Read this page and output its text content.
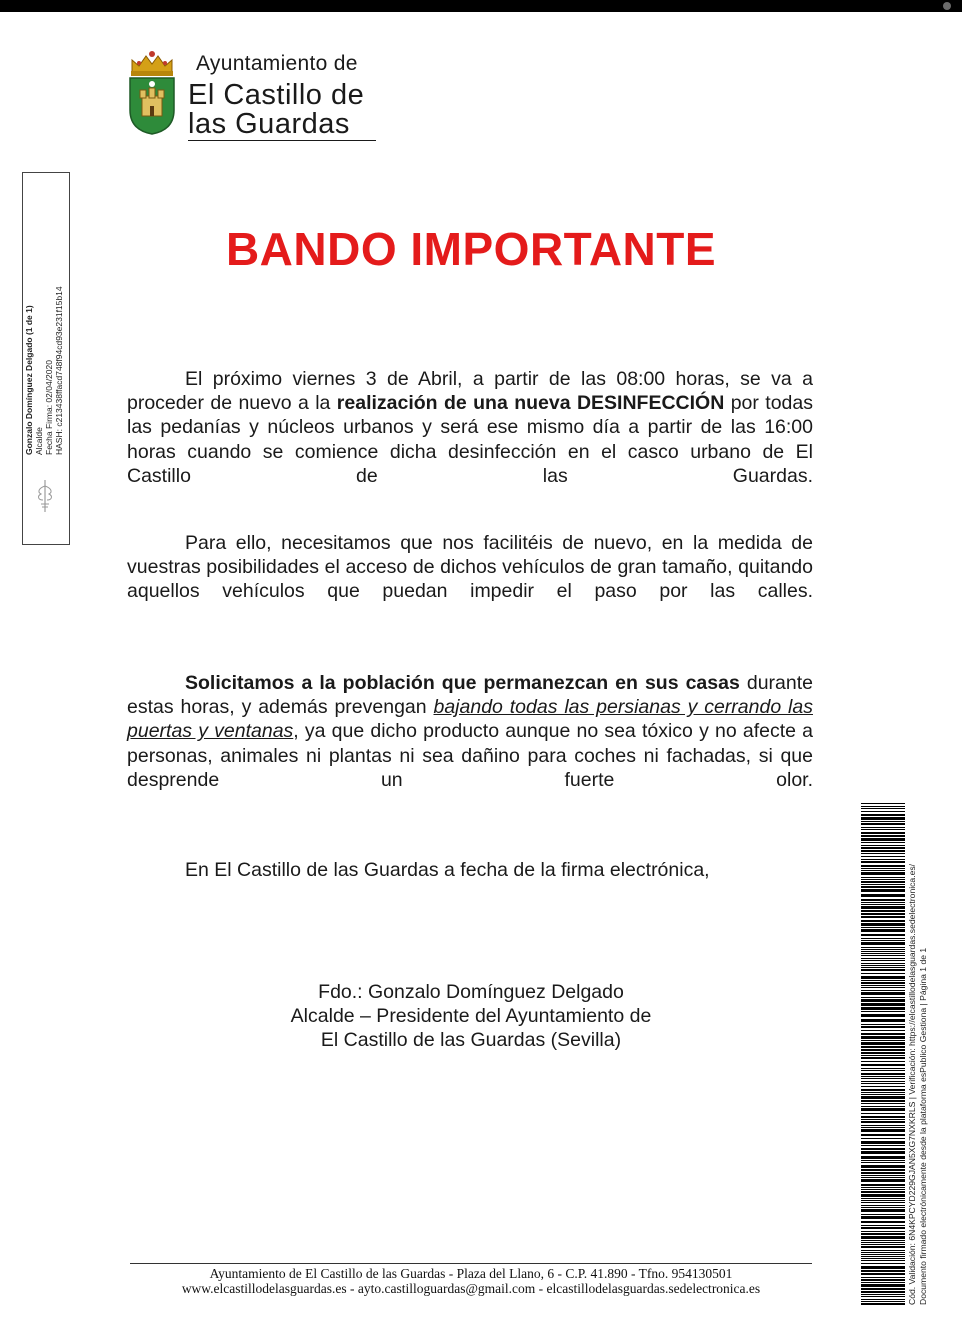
Ayuntamiento de
El Castillo de
las Guardas
Gonzalo Domínguez Delgado (1 de 1) Alcalde Fecha Firma: 02/04/2020 HASH: c213438ffacd748f94cd93e231f15b14
BANDO IMPORTANTE
El próximo viernes 3 de Abril, a partir de las 08:00 horas, se va a proceder de nuevo a la realización de una nueva DESINFECCIÓN por todas las pedanías y núcleos urbanos y será ese mismo día a partir de las 16:00 horas cuando se comience dicha desinfección en el casco urbano de El Castillo de las Guardas.
Para ello, necesitamos que nos facilitéis de nuevo, en la medida de vuestras posibilidades el acceso de dichos vehículos de gran tamaño, quitando aquellos vehículos que puedan impedir el paso por las calles.
Solicitamos a la población que permanezcan en sus casas durante estas horas, y además prevengan bajando todas las persianas y cerrando las puertas y ventanas, ya que dicho producto aunque no sea tóxico y no afecte a personas, animales ni plantas ni sea dañino para coches ni fachadas, si que desprende un fuerte olor.
En El Castillo de las Guardas a fecha de la firma electrónica,
Fdo.: Gonzalo Domínguez Delgado
Alcalde – Presidente del Ayuntamiento de
El Castillo de las Guardas (Sevilla)	Cód. Validación: 6N4KPCYD229GJAN5XG7NXKRLS | Verificación: https://elcastillodelasguardas.sedelectronica.es/ Documento firmado electrónicamente desde la plataforma esPublico Gestiona | Página 1 de 1
Ayuntamiento de El Castillo de las Guardas - Plaza del Llano, 6 - C.P. 41.890 - Tfno. 954130501
www.elcastillodelasguardas.es - ayto.castilloguardas@gmail.com - elcastillodelasguardas.sedelectronica.es
